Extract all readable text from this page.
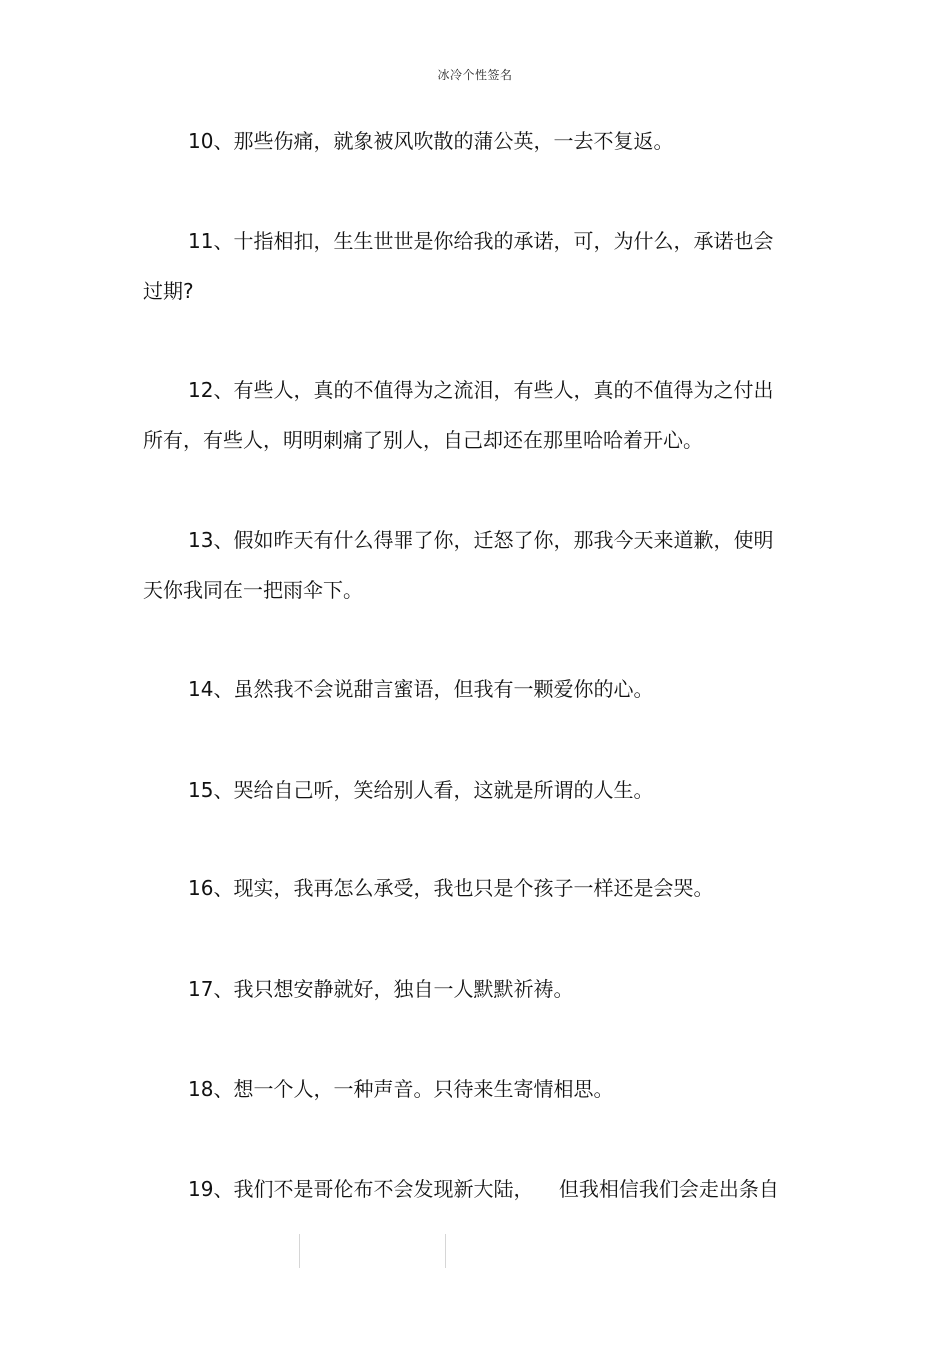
冰冷个性签名

10、那些伤痛，就象被风吹散的蒲公英，一去不复返。

11、十指相扣，生生世世是你给我的承诺，可，为什么，承诺也会过期?

12、有些人，真的不值得为之流泪，有些人，真的不值得为之付出所有，有些人，明明刺痛了别人，自己却还在那里哈哈着开心。

13、假如昨天有什么得罪了你，迁怒了你，那我今天来道歉，使明天你我同在一把雨伞下。

14、虽然我不会说甜言蜜语，但我有一颗爱你的心。

15、哭给自己听，笑给别人看，这就是所谓的人生。

16、现实，我再怎么承受，我也只是个孩子一样还是会哭。

17、我只想安静就好，独自一人默默祈祷。

18、想一个人，一种声音。只待来生寄情相思。

19、我们不是哥伦布不会发现新大陆，    但我相信我们会走出条自
